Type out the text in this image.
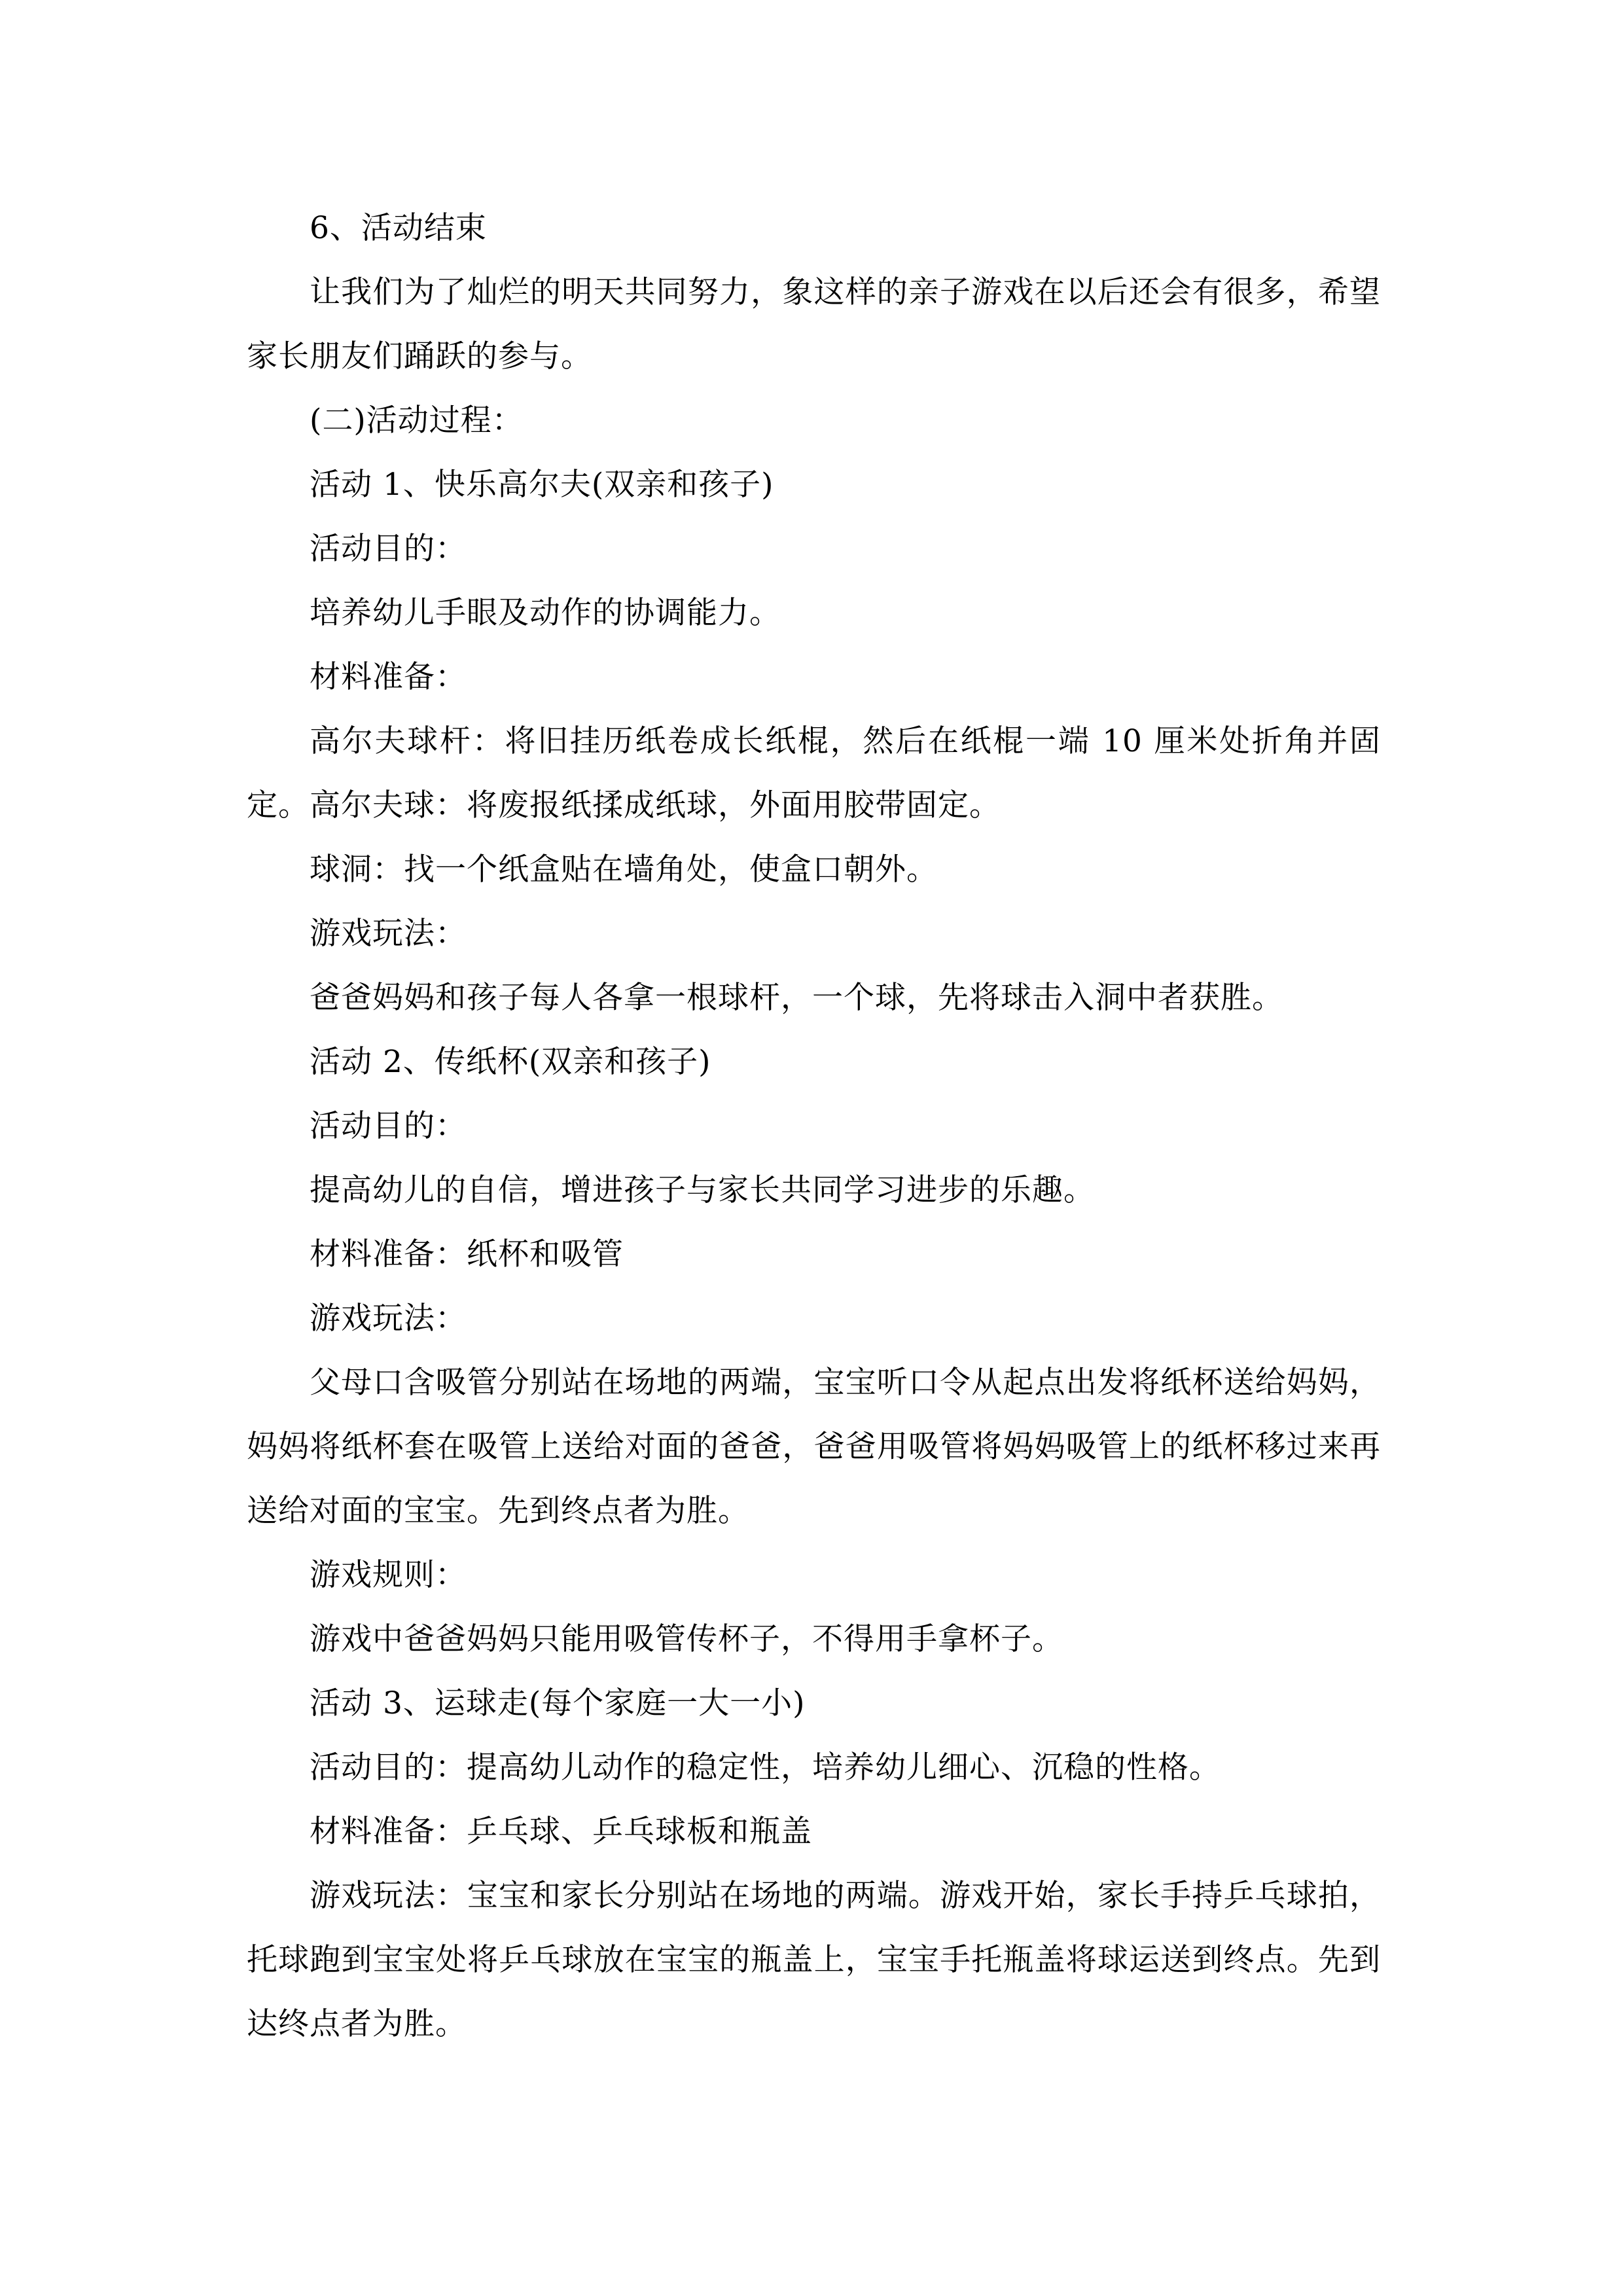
6、活动结束

让我们为了灿烂的明天共同努力，象这样的亲子游戏在以后还会有很多，希望家长朋友们踊跃的参与。

(二)活动过程：

活动 1、快乐高尔夫(双亲和孩子)

活动目的：

培养幼儿手眼及动作的协调能力。

材料准备：

高尔夫球杆：将旧挂历纸卷成长纸棍，然后在纸棍一端 10 厘米处折角并固定。高尔夫球：将废报纸揉成纸球，外面用胶带固定。

球洞：找一个纸盒贴在墙角处，使盒口朝外。

游戏玩法：

爸爸妈妈和孩子每人各拿一根球杆，一个球，先将球击入洞中者获胜。

活动 2、传纸杯(双亲和孩子)

活动目的：

提高幼儿的自信，增进孩子与家长共同学习进步的乐趣。

材料准备：纸杯和吸管

游戏玩法：

父母口含吸管分别站在场地的两端，宝宝听口令从起点出发将纸杯送给妈妈，妈妈将纸杯套在吸管上送给对面的爸爸，爸爸用吸管将妈妈吸管上的纸杯移过来再送给对面的宝宝。先到终点者为胜。

游戏规则：

游戏中爸爸妈妈只能用吸管传杯子，不得用手拿杯子。

活动 3、运球走(每个家庭一大一小)

活动目的：提高幼儿动作的稳定性，培养幼儿细心、沉稳的性格。

材料准备：乒乓球、乒乓球板和瓶盖

游戏玩法：宝宝和家长分别站在场地的两端。游戏开始，家长手持乒乓球拍，托球跑到宝宝处将乒乓球放在宝宝的瓶盖上，宝宝手托瓶盖将球运送到终点。先到达终点者为胜。
